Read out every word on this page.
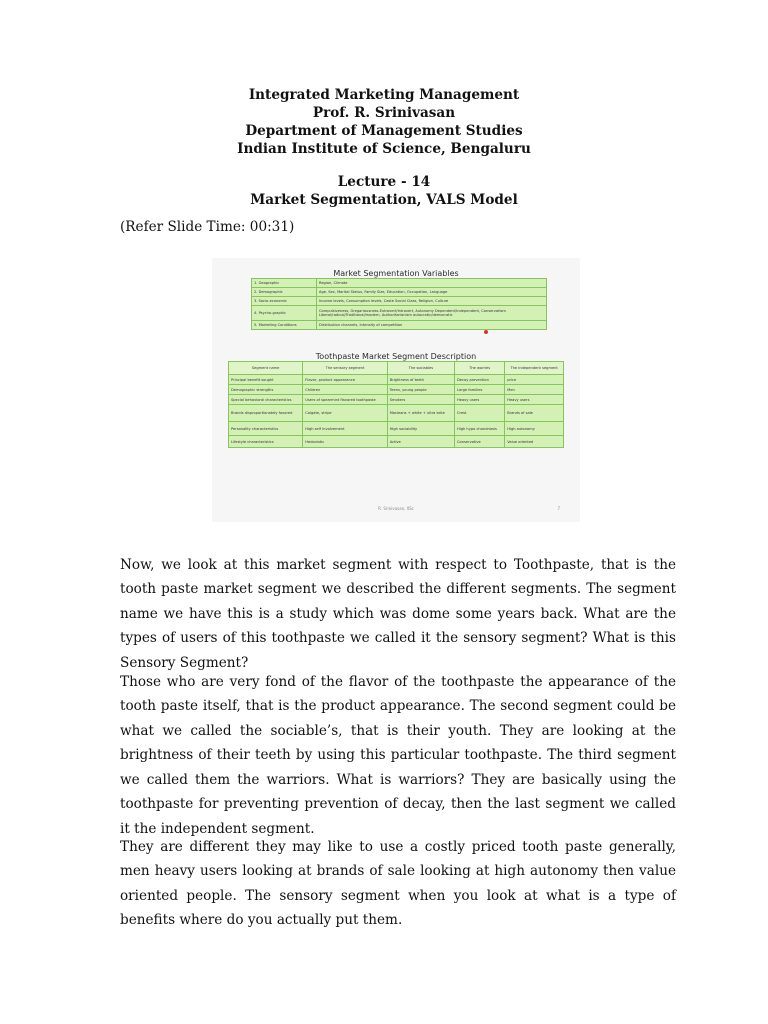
Integrated Marketing Management
Prof. R. Srinivasan
Department of Management Studies
Indian Institute of Science, Bengaluru
Lecture - 14
Market Segmentation, VALS Model
(Refer Slide Time: 00:31)
Market Segmentation Variables
1. Geographic	Region, Climate
2. Demographic	Age, Sex, Marital Status, Family Size, Education, Occupation, Language
3. Socio-economic	Income levels, Consumption levels, Caste Social Class, Religion, Culture
4. Psycho-graphic	Compulsiveness, Gregariousness-Extrovert/Introvert, Autonomy Dependent/Independent, Conservatism Liberal/radical/Traditional/modern, Authoritarianism autocratic/democratic
5. Marketing Conditions	Distribution channels, Intensity of competition
Toothpaste Market Segment Description
Segment name	The sensory segment	The sociables	The worries	The independent segment
Principal benefit sought	Flavor, product appearance	Brightness of teeth	Decay prevention	price
Demographic strengths	Children	Teens, young people	Large families	Men
Special behavioral characteristics	Users of spearmint flavored toothpaste	Smokers	Heavy users	Heavy users
Brands disproportionately favored	Colgate, stripe	Macleans + white + ultra brite	Crest	Brands of sale
Personality characteristics	High self involvement	High sociability	High hypo chondriasis	High autonomy
Lifestyle characteristics	Hedonistic	Active	Conservative	Value oriented
R. Srinivasan, IISc	7

Now, we look at this market segment with respect to Toothpaste, that is the tooth paste market segment we described the different segments. The segment name we have this is a study which was dome some years back. What are the types of users of this toothpaste we called it the sensory segment? What is this Sensory Segment?

Those who are very fond of the flavor of the toothpaste the appearance of the tooth paste itself, that is the product appearance. The second segment could be what we called the sociable’s, that is their youth. They are looking at the brightness of their teeth by using this particular toothpaste. The third segment we called them the warriors. What is warriors? They are basically using the toothpaste for preventing prevention of decay, then the last segment we called it the independent segment.

They are different they may like to use a costly priced tooth paste generally, men heavy users looking at brands of sale looking at high autonomy then value oriented people. The sensory segment when you look at what is a type of benefits where do you actually put them.
